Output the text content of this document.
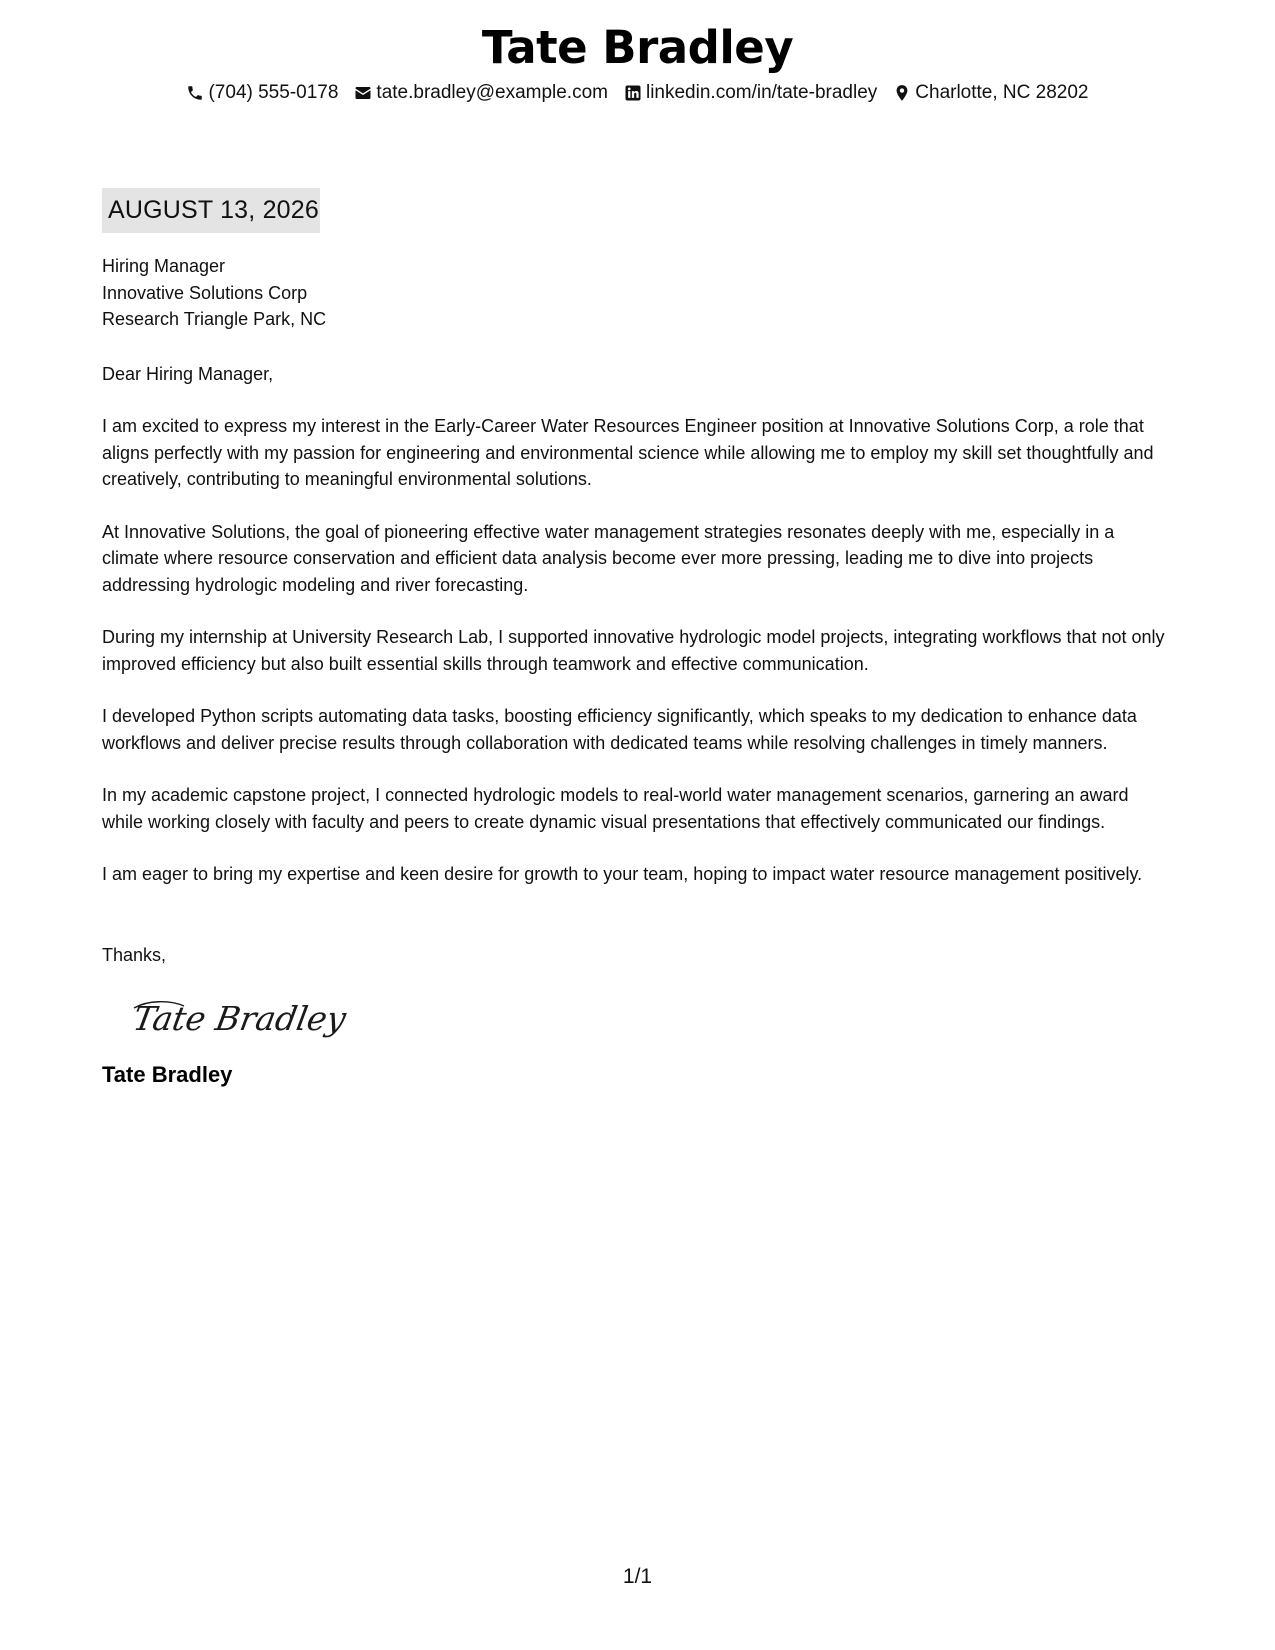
Tate Bradley
(704) 555-0178 tate.bradley@example.com linkedin.com/in/tate-bradley Charlotte, NC 28202
AUGUST 13, 2026
Hiring Manager
Innovative Solutions Corp
Research Triangle Park, NC
Dear Hiring Manager,

I am excited to express my interest in the Early-Career Water Resources Engineer position at Innovative Solutions Corp, a role that aligns perfectly with my passion for engineering and environmental science while allowing me to employ my skill set thoughtfully and creatively, contributing to meaningful environmental solutions.

At Innovative Solutions, the goal of pioneering effective water management strategies resonates deeply with me, especially in a climate where resource conservation and efficient data analysis become ever more pressing, leading me to dive into projects addressing hydrologic modeling and river forecasting.

During my internship at University Research Lab, I supported innovative hydrologic model projects, integrating workflows that not only improved efficiency but also built essential skills through teamwork and effective communication.

I developed Python scripts automating data tasks, boosting efficiency significantly, which speaks to my dedication to enhance data workflows and deliver precise results through collaboration with dedicated teams while resolving challenges in timely manners.

In my academic capstone project, I connected hydrologic models to real-world water management scenarios, garnering an award while working closely with faculty and peers to create dynamic visual presentations that effectively communicated our findings.

I am eager to bring my expertise and keen desire for growth to your team, hoping to impact water resource management positively.

Thanks,
Tate Bradley
Tate Bradley
1/1
